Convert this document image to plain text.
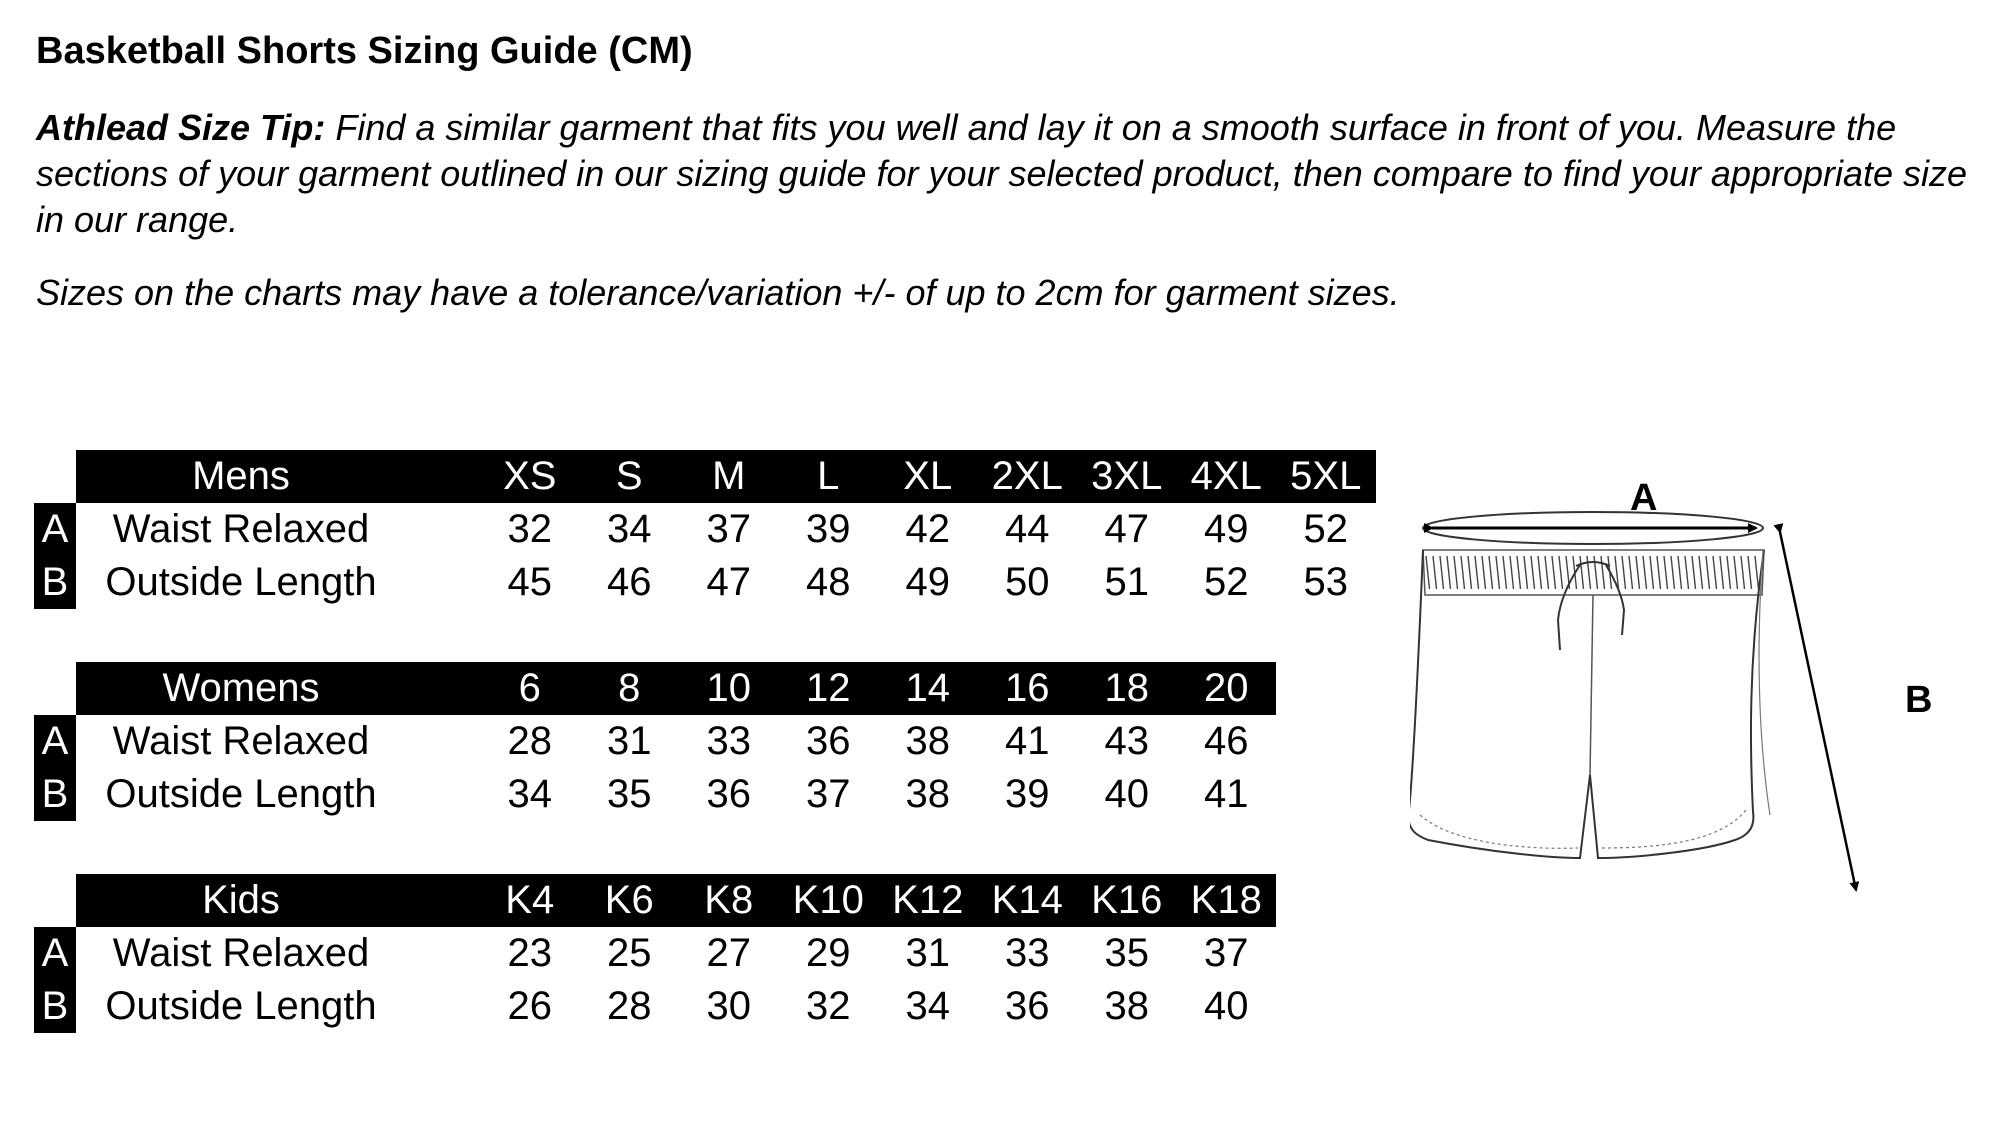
Basketball Shorts Sizing Guide (CM)
Athlead Size Tip: Find a similar garment that fits you well and lay it on a smooth surface in front of you. Measure the sections of your garment outlined in our sizing guide for your selected product, then compare to find your appropriate size in our range.
Sizes on the charts may have a tolerance/variation +/- of up to 2cm for garment sizes.
Mens	XS	S	M	L	XL 2XL 3XL 4XL 5XL
A	Waist Relaxed	32	34	37	39	42	44	47	49	52
B Outside Length	45	46	47	48	49	50	51	52	53
Womens	6	8	10	12	14	16	18	20
A	Waist Relaxed	28	31	33	36	38	41	43	46
B Outside Length	34	35	36	37	38	39	40	41
Kids	K4	K6	K8 K10 K12 K14 K16 K18
A	Waist Relaxed	23	25	27	29	31	33	35	37
B Outside Length	26	28	30	32	34	36	38	40
A
B
